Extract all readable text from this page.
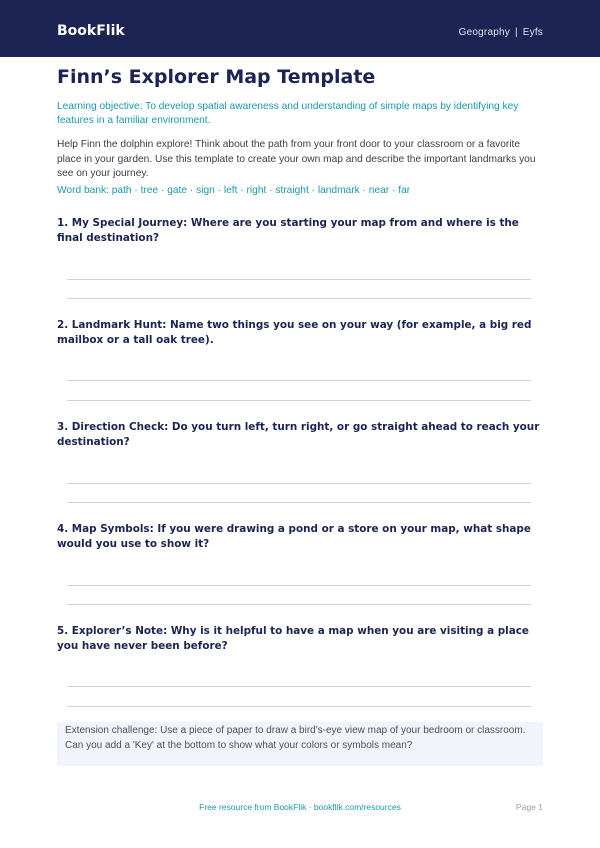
BookFlik	Geography | Eyfs
Finn’s Explorer Map Template
Learning objective: To develop spatial awareness and understanding of simple maps by identifying key features in a familiar environment.
Help Finn the dolphin explore! Think about the path from your front door to your classroom or a favorite place in your garden. Use this template to create your own map and describe the important landmarks you see on your journey.
Word bank: path · tree · gate · sign · left · right · straight · landmark · near · far
1. My Special Journey: Where are you starting your map from and where is the final destination?
2. Landmark Hunt: Name two things you see on your way (for example, a big red mailbox or a tall oak tree).
3. Direction Check: Do you turn left, turn right, or go straight ahead to reach your destination?
4. Map Symbols: If you were drawing a pond or a store on your map, what shape would you use to show it?
5. Explorer’s Note: Why is it helpful to have a map when you are visiting a place you have never been before?
Extension challenge: Use a piece of paper to draw a bird's-eye view map of your bedroom or classroom. Can you add a 'Key' at the bottom to show what your colors or symbols mean?
Free resource from BookFlik · bookflik.com/resources	Page 1
